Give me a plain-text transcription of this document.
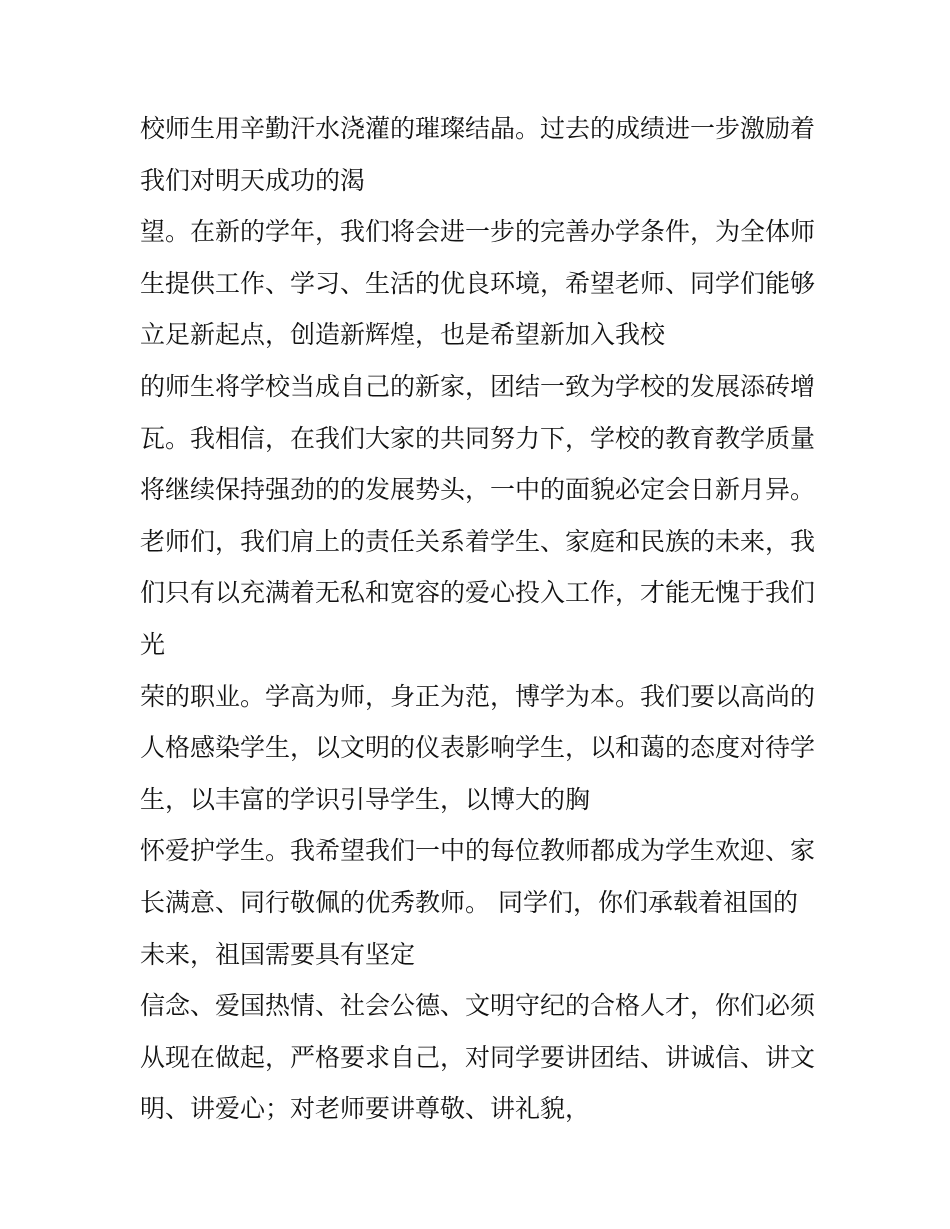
校师生用辛勤汗水浇灌的璀璨结晶。过去的成绩进一步激励着
我们对明天成功的渴
望。在新的学年，我们将会进一步的完善办学条件，为全体师
生提供工作、学习、生活的优良环境，希望老师、同学们能够
立足新起点，创造新辉煌，也是希望新加入我校
的师生将学校当成自己的新家，团结一致为学校的发展添砖增
瓦。我相信，在我们大家的共同努力下，学校的教育教学质量
将继续保持强劲的的发展势头，一中的面貌必定会日新月异。
老师们，我们肩上的责任关系着学生、家庭和民族的未来，我
们只有以充满着无私和宽容的爱心投入工作，才能无愧于我们
光
荣的职业。学高为师，身正为范，博学为本。我们要以高尚的
人格感染学生，以文明的仪表影响学生，以和蔼的态度对待学
生，以丰富的学识引导学生，以博大的胸
怀爱护学生。我希望我们一中的每位教师都成为学生欢迎、家
长满意、同行敬佩的优秀教师。 同学们，你们承载着祖国的
未来，祖国需要具有坚定
信念、爱国热情、社会公德、文明守纪的合格人才，你们必须
从现在做起，严格要求自己，对同学要讲团结、讲诚信、讲文
明、讲爱心；对老师要讲尊敬、讲礼貌，
